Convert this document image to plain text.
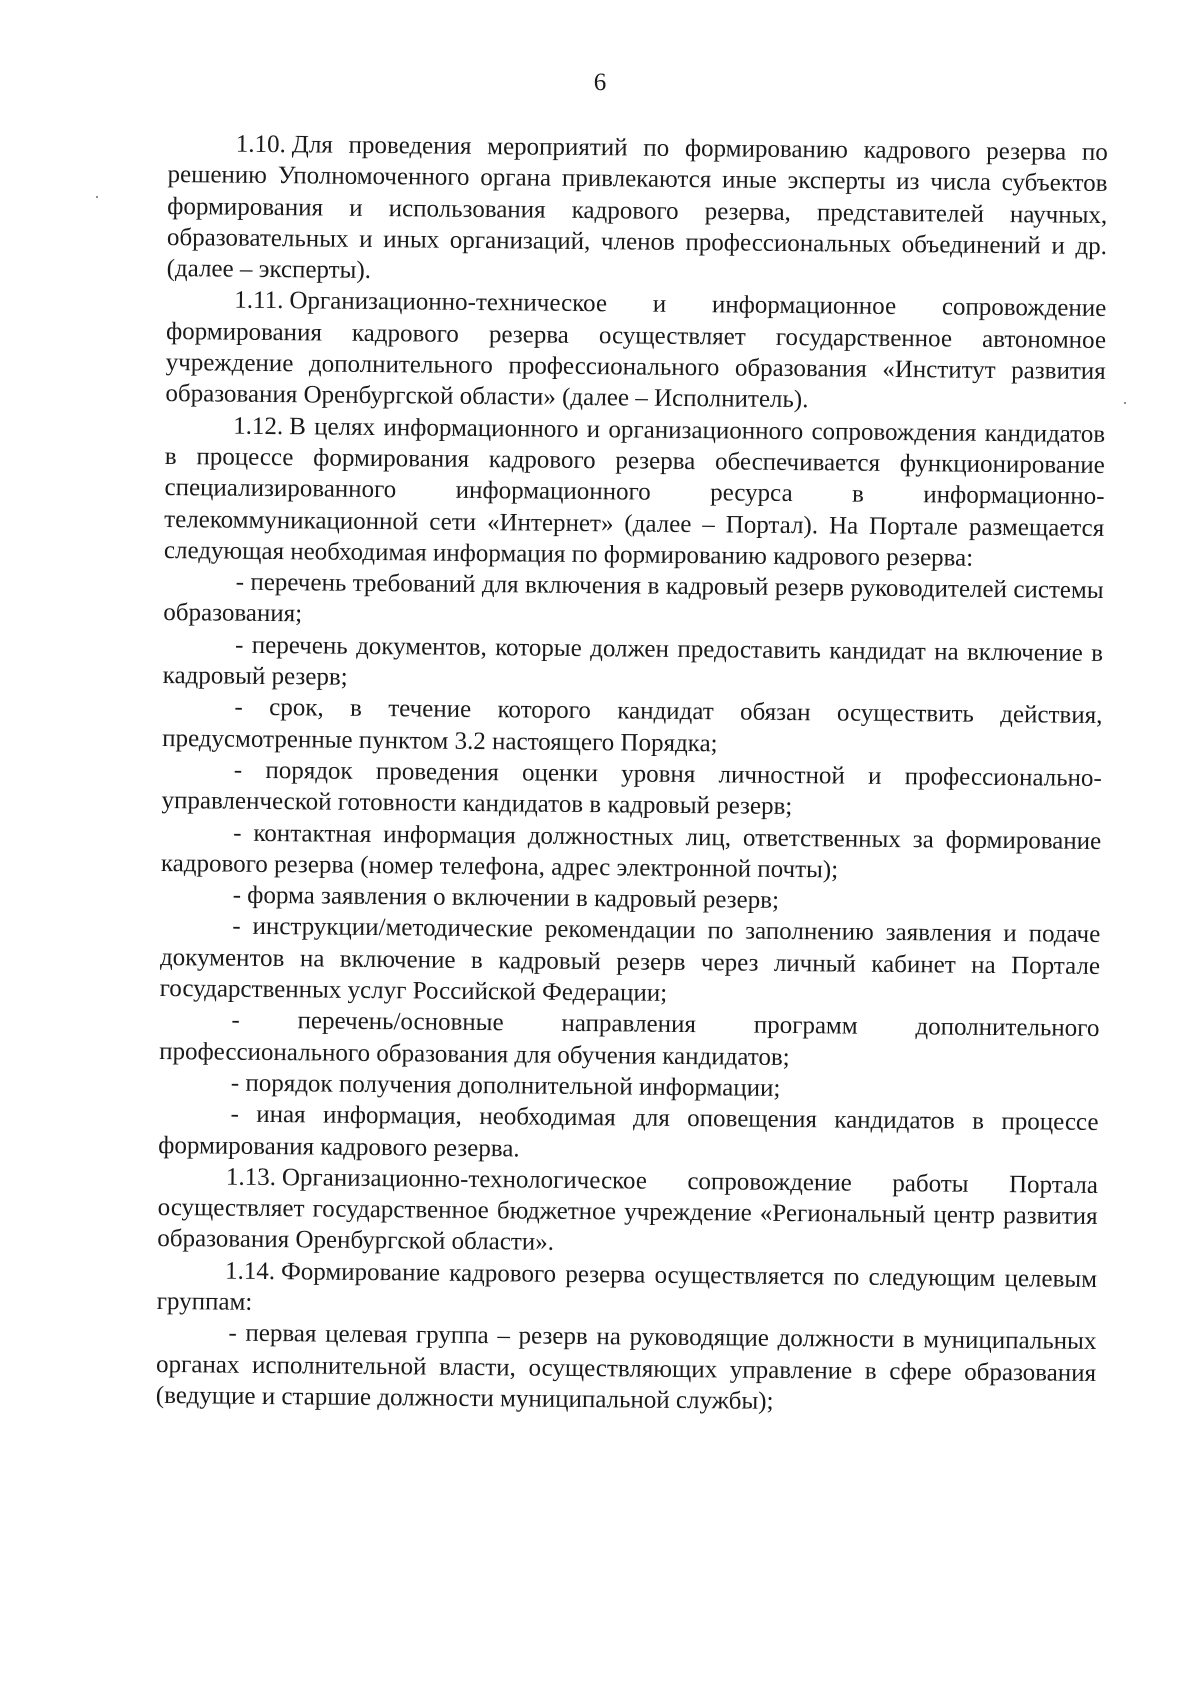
6

1.10. Для проведения мероприятий по формированию кадрового резерва по решению Уполномоченного органа привлекаются иные эксперты из числа субъектов формирования и использования кадрового резерва, представителей научных, образовательных и иных организаций, членов профессиональных объединений и др. (далее – эксперты).

1.11. Организационно-техническое и информационное сопровождение формирования кадрового резерва осуществляет государственное автономное учреждение дополнительного профессионального образования «Институт развития образования Оренбургской области» (далее – Исполнитель).

1.12. В целях информационного и организационного сопровождения кандидатов в процессе формирования кадрового резерва обеспечивается функционирование специализированного информационного ресурса в информационно-телекоммуникационной сети «Интернет» (далее – Портал). На Портале размещается следующая необходимая информация по формированию кадрового резерва:

- перечень требований для включения в кадровый резерв руководителей системы образования;

- перечень документов, которые должен предоставить кандидат на включение в кадровый резерв;

- срок, в течение которого кандидат обязан осуществить действия, предусмотренные пунктом 3.2 настоящего Порядка;

- порядок проведения оценки уровня личностной и профессионально-управленческой готовности кандидатов в кадровый резерв;

- контактная информация должностных лиц, ответственных за формирование кадрового резерва (номер телефона, адрес электронной почты);

- форма заявления о включении в кадровый резерв;

- инструкции/методические рекомендации по заполнению заявления и подаче документов на включение в кадровый резерв через личный кабинет на Портале государственных услуг Российской Федерации;

- перечень/основные направления программ дополнительного профессионального образования для обучения кандидатов;

- порядок получения дополнительной информации;

- иная информация, необходимая для оповещения кандидатов в процессе формирования кадрового резерва.

1.13. Организационно-технологическое сопровождение работы Портала осуществляет государственное бюджетное учреждение «Региональный центр развития образования Оренбургской области».

1.14. Формирование кадрового резерва осуществляется по следующим целевым группам:

- первая целевая группа – резерв на руководящие должности в муниципальных органах исполнительной власти, осуществляющих управление в сфере образования (ведущие и старшие должности муниципальной службы);
